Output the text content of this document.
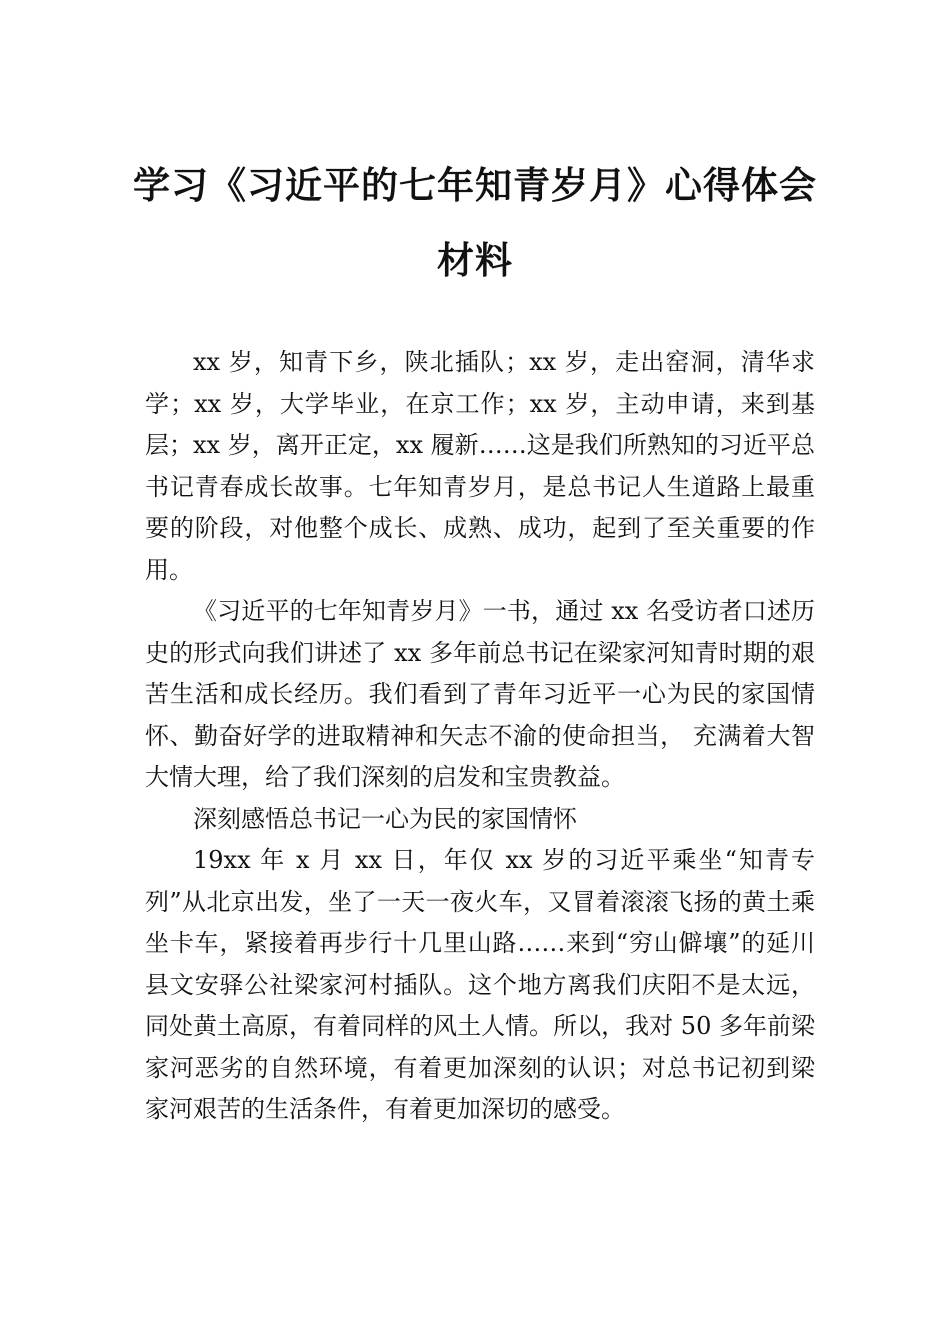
学习《习近平的七年知青岁月》心得体会
材料

xx 岁，知青下乡，陕北插队；xx 岁，走出窑洞，清华求学；xx 岁，大学毕业，在京工作；xx 岁，主动申请，来到基层；xx 岁，离开正定，xx 履新……这是我们所熟知的习近平总书记青春成长故事。七年知青岁月，是总书记人生道路上最重要的阶段，对他整个成长、成熟、成功，起到了至关重要的作用。

《习近平的七年知青岁月》一书，通过 xx 名受访者口述历史的形式向我们讲述了 xx 多年前总书记在梁家河知青时期的艰苦生活和成长经历。我们看到了青年习近平一心为民的家国情怀、勤奋好学的进取精神和矢志不渝的使命担当， 充满着大智大情大理，给了我们深刻的启发和宝贵教益。

深刻感悟总书记一心为民的家国情怀

19xx 年 x 月 xx 日，年仅 xx 岁的习近平乘坐“知青专列”从北京出发，坐了一天一夜火车，又冒着滚滚飞扬的黄土乘坐卡车，紧接着再步行十几里山路……来到“穷山僻壤”的延川县文安驿公社梁家河村插队。这个地方离我们庆阳不是太远，同处黄土高原，有着同样的风土人情。所以，我对 50 多年前梁家河恶劣的自然环境，有着更加深刻的认识；对总书记初到梁家河艰苦的生活条件，有着更加深切的感受。
